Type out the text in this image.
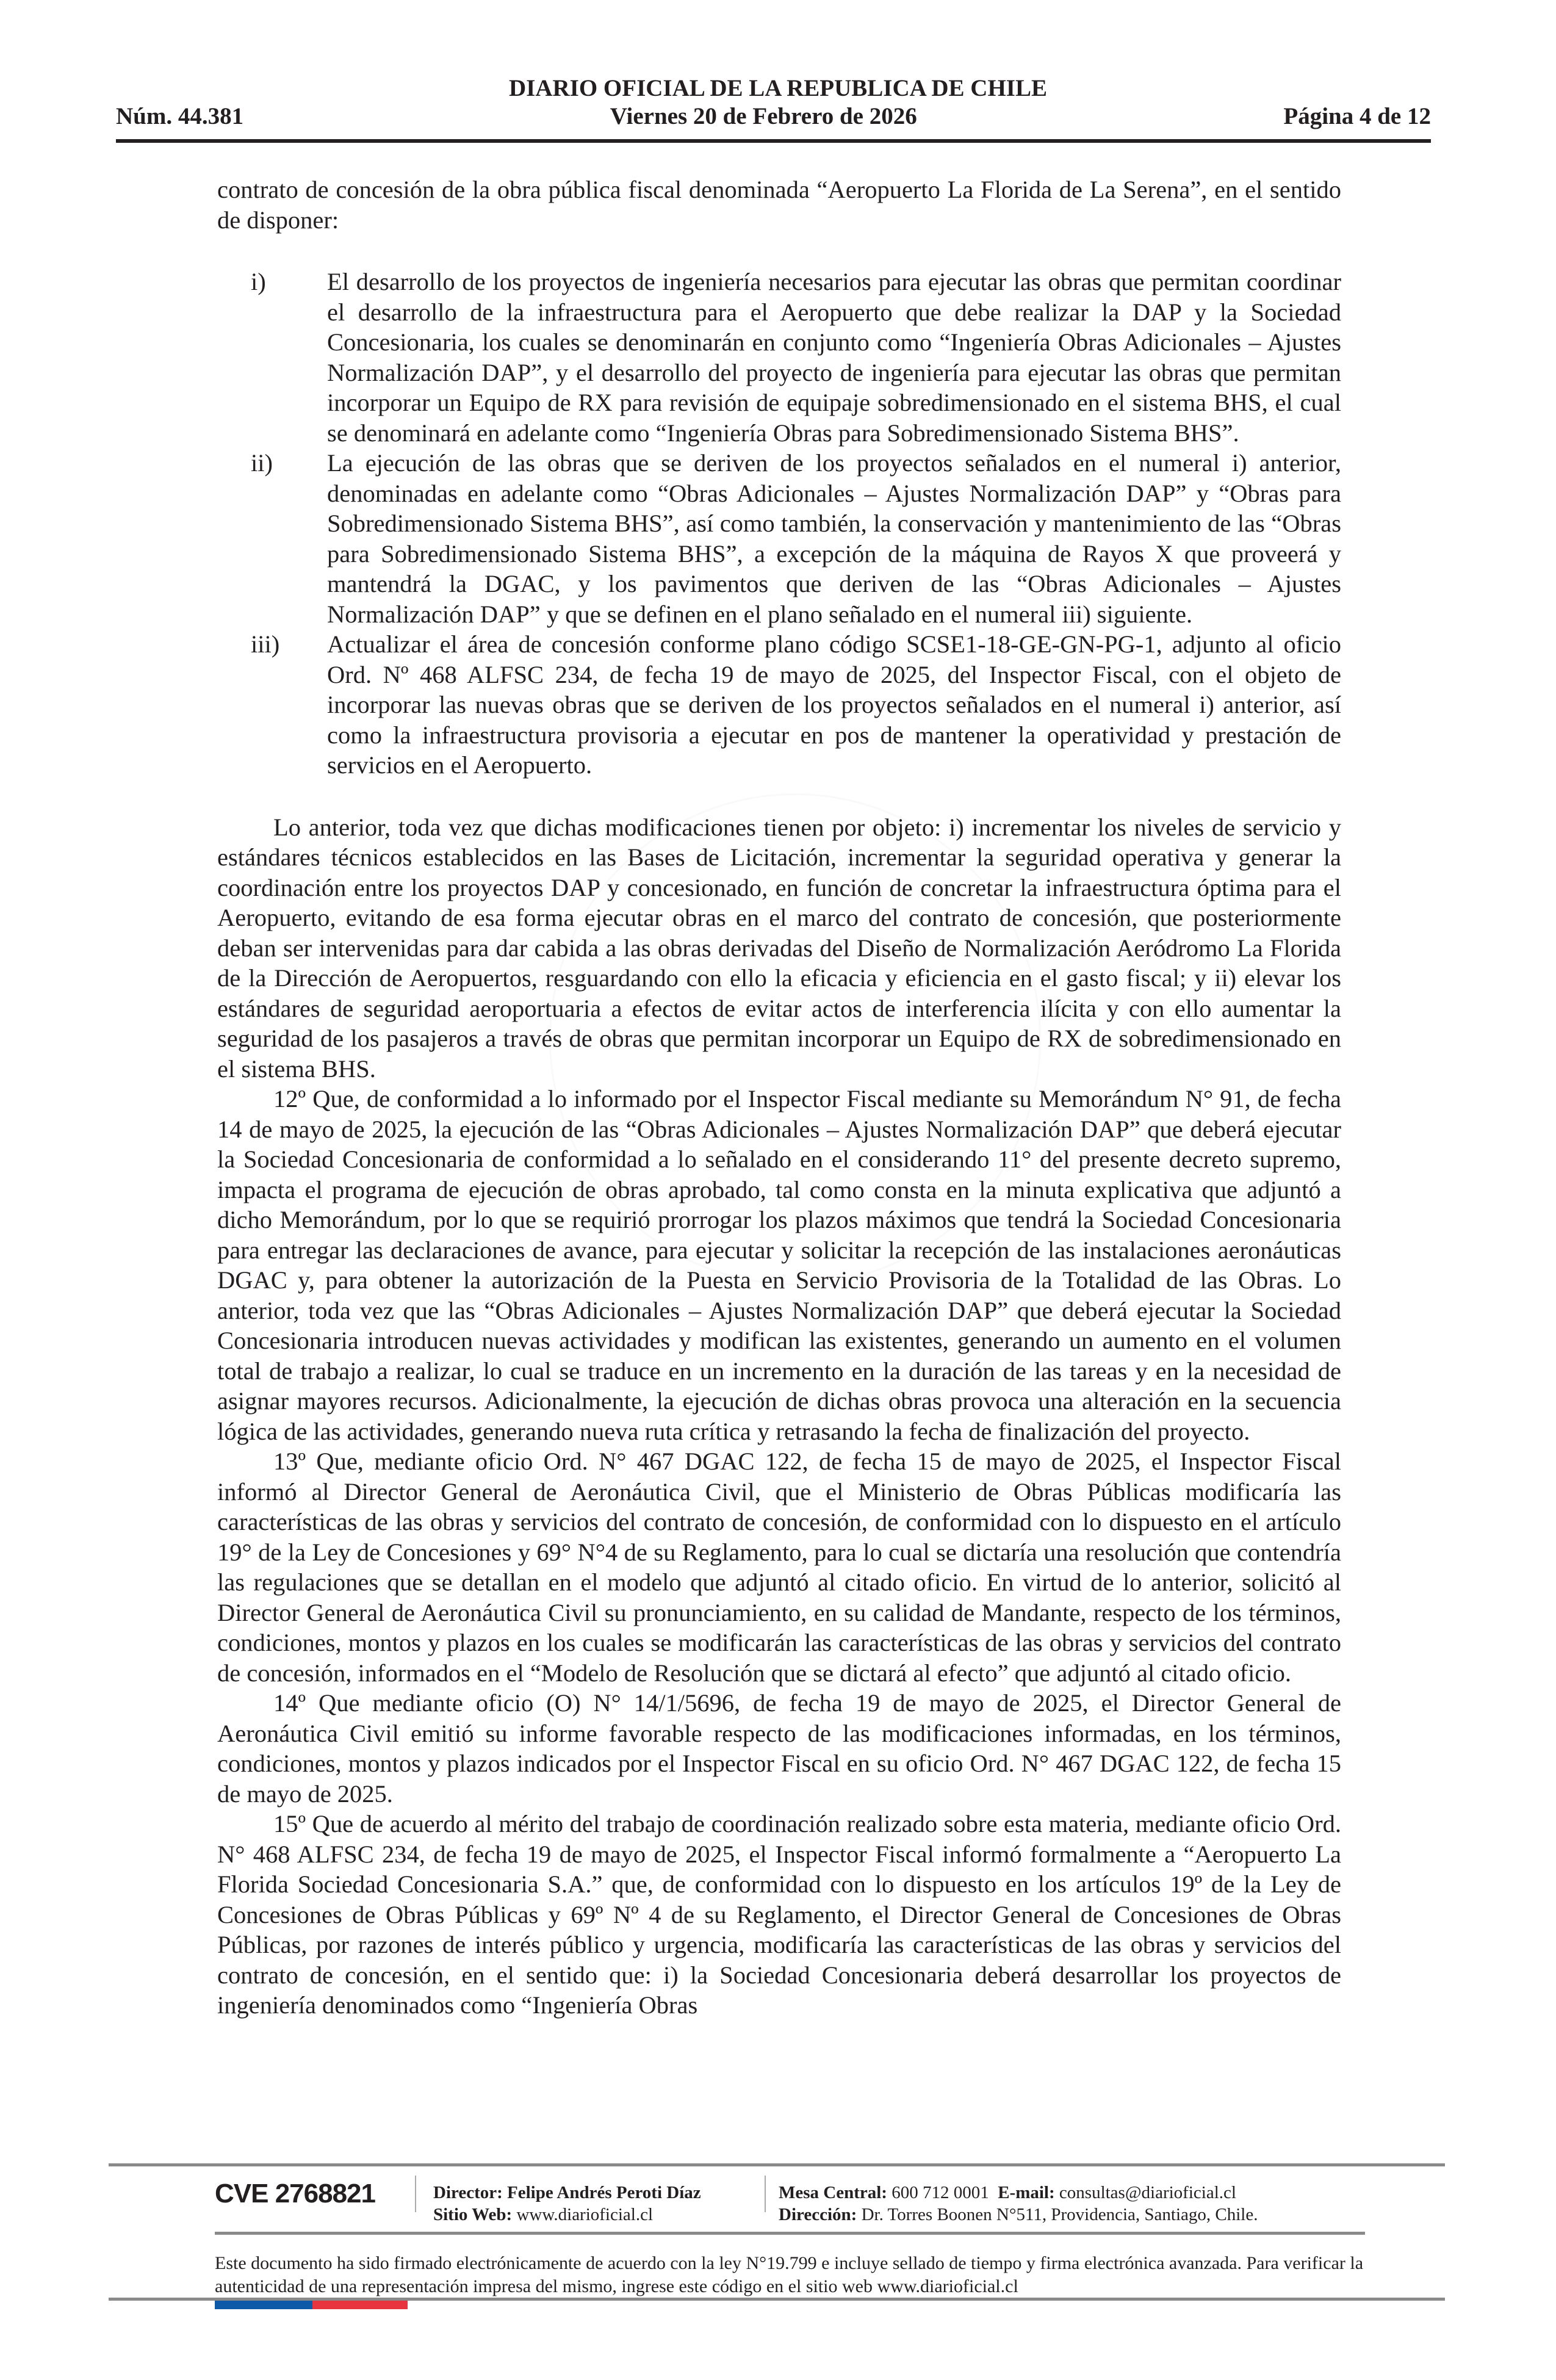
DIARIO OFICIAL DE LA REPUBLICA DE CHILE
Núm. 44.381	Viernes 20 de Febrero de 2026	Página 4 de 12

contrato de concesión de la obra pública fiscal denominada “Aeropuerto La Florida de La Serena”, en el sentido de disponer:

i)	El desarrollo de los proyectos de ingeniería necesarios para ejecutar las obras que permitan coordinar el desarrollo de la infraestructura para el Aeropuerto que debe realizar la DAP y la Sociedad Concesionaria, los cuales se denominarán en conjunto como “Ingeniería Obras Adicionales – Ajustes Normalización DAP”, y el desarrollo del proyecto de ingeniería para ejecutar las obras que permitan incorporar un Equipo de RX para revisión de equipaje sobredimensionado en el sistema BHS, el cual se denominará en adelante como “Ingeniería Obras para Sobredimensionado Sistema BHS”.
ii)	La ejecución de las obras que se deriven de los proyectos señalados en el numeral i) anterior, denominadas en adelante como “Obras Adicionales – Ajustes Normalización DAP” y “Obras para Sobredimensionado Sistema BHS”, así como también, la conservación y mantenimiento de las “Obras para Sobredimensionado Sistema BHS”, a excepción de la máquina de Rayos X que proveerá y mantendrá la DGAC, y los pavimentos que deriven de las “Obras Adicionales – Ajustes Normalización DAP” y que se definen en el plano señalado en el numeral iii) siguiente.
iii)	Actualizar el área de concesión conforme plano código SCSE1-18-GE-GN-PG-1, adjunto al oficio Ord. Nº 468 ALFSC 234, de fecha 19 de mayo de 2025, del Inspector Fiscal, con el objeto de incorporar las nuevas obras que se deriven de los proyectos señalados en el numeral i) anterior, así como la infraestructura provisoria a ejecutar en pos de mantener la operatividad y prestación de servicios en el Aeropuerto.

Lo anterior, toda vez que dichas modificaciones tienen por objeto: i) incrementar los niveles de servicio y estándares técnicos establecidos en las Bases de Licitación, incrementar la seguridad operativa y generar la coordinación entre los proyectos DAP y concesionado, en función de concretar la infraestructura óptima para el Aeropuerto, evitando de esa forma ejecutar obras en el marco del contrato de concesión, que posteriormente deban ser intervenidas para dar cabida a las obras derivadas del Diseño de Normalización Aeródromo La Florida de la Dirección de Aeropuertos, resguardando con ello la eficacia y eficiencia en el gasto fiscal; y ii) elevar los estándares de seguridad aeroportuaria a efectos de evitar actos de interferencia ilícita y con ello aumentar la seguridad de los pasajeros a través de obras que permitan incorporar un Equipo de RX de sobredimensionado en el sistema BHS.

12º Que, de conformidad a lo informado por el Inspector Fiscal mediante su Memorándum N° 91, de fecha 14 de mayo de 2025, la ejecución de las “Obras Adicionales – Ajustes Normalización DAP” que deberá ejecutar la Sociedad Concesionaria de conformidad a lo señalado en el considerando 11° del presente decreto supremo, impacta el programa de ejecución de obras aprobado, tal como consta en la minuta explicativa que adjuntó a dicho Memorándum, por lo que se requirió prorrogar los plazos máximos que tendrá la Sociedad Concesionaria para entregar las declaraciones de avance, para ejecutar y solicitar la recepción de las instalaciones aeronáuticas DGAC y, para obtener la autorización de la Puesta en Servicio Provisoria de la Totalidad de las Obras. Lo anterior, toda vez que las “Obras Adicionales – Ajustes Normalización DAP” que deberá ejecutar la Sociedad Concesionaria introducen nuevas actividades y modifican las existentes, generando un aumento en el volumen total de trabajo a realizar, lo cual se traduce en un incremento en la duración de las tareas y en la necesidad de asignar mayores recursos. Adicionalmente, la ejecución de dichas obras provoca una alteración en la secuencia lógica de las actividades, generando nueva ruta crítica y retrasando la fecha de finalización del proyecto.

13º Que, mediante oficio Ord. N° 467 DGAC 122, de fecha 15 de mayo de 2025, el Inspector Fiscal informó al Director General de Aeronáutica Civil, que el Ministerio de Obras Públicas modificaría las características de las obras y servicios del contrato de concesión, de conformidad con lo dispuesto en el artículo 19° de la Ley de Concesiones y 69° N°4 de su Reglamento, para lo cual se dictaría una resolución que contendría las regulaciones que se detallan en el modelo que adjuntó al citado oficio. En virtud de lo anterior, solicitó al Director General de Aeronáutica Civil su pronunciamiento, en su calidad de Mandante, respecto de los términos, condiciones, montos y plazos en los cuales se modificarán las características de las obras y servicios del contrato de concesión, informados en el “Modelo de Resolución que se dictará al efecto” que adjuntó al citado oficio.

14º Que mediante oficio (O) N° 14/1/5696, de fecha 19 de mayo de 2025, el Director General de Aeronáutica Civil emitió su informe favorable respecto de las modificaciones informadas, en los términos, condiciones, montos y plazos indicados por el Inspector Fiscal en su oficio Ord. N° 467 DGAC 122, de fecha 15 de mayo de 2025.

15º Que de acuerdo al mérito del trabajo de coordinación realizado sobre esta materia, mediante oficio Ord. N° 468 ALFSC 234, de fecha 19 de mayo de 2025, el Inspector Fiscal informó formalmente a “Aeropuerto La Florida Sociedad Concesionaria S.A.” que, de conformidad con lo dispuesto en los artículos 19º de la Ley de Concesiones de Obras Públicas y 69º Nº 4 de su Reglamento, el Director General de Concesiones de Obras Públicas, por razones de interés público y urgencia, modificaría las características de las obras y servicios del contrato de concesión, en el sentido que: i) la Sociedad Concesionaria deberá desarrollar los proyectos de ingeniería denominados como “Ingeniería Obras

CVE 2768821	Director: Felipe Andrés Peroti Díaz
Sitio Web: www.diarioficial.cl
Mesa Central: 600 712 0001 E-mail: consultas@diarioficial.cl
Dirección: Dr. Torres Boonen N°511, Providencia, Santiago, Chile.
Este documento ha sido firmado electrónicamente de acuerdo con la ley N°19.799 e incluye sellado de tiempo y firma electrónica avanzada. Para verificar la autenticidad de una representación impresa del mismo, ingrese este código en el sitio web www.diarioficial.cl
